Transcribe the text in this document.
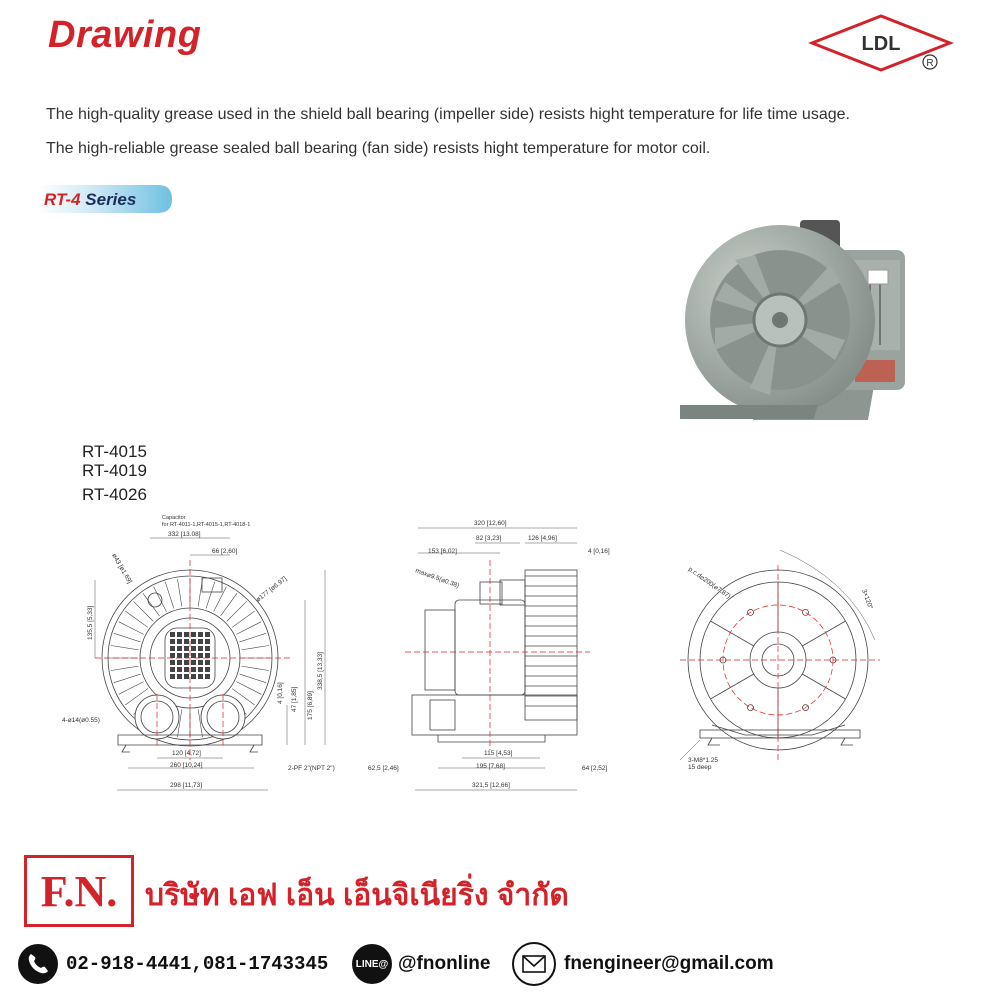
Drawing	LDL
R
The high-quality grease used in the shield ball bearing (impeller side) resists hight temperature for life time usage.
The high-reliable grease sealed ball bearing (fan side) resists hight temperature for motor coil.
RT-4 Series
RT-4015
RT-4019
RT-4026
Capacitor
for RT-4011-1,RT-4015-1,RT-4018-1
332 [13.08]
66 [2,60]
ø43 [ø1.69]
ø177 [ø6.97]
135,5 [5,33]
338,5 [13,33]
175 [6,89]
47 [1,85]
4 [0,16]
4-ø14(ø0.55)
120 [4,72]
260 [10,24]
298 [11,73]
2-PF 2"(NPT 2")
320 [12,60]
82 [3,23]	126 [4,96]
153 [6,02]	4 [0,16]
max⌀9.5(⌀0.38)
115 [4,53]
195 [7,68]
62,5 [2,46]	64 [2,52]
321,5 [12,66]
p.c.d⌀200(⌀7.87)	3×120°
3-M8*1.25
15 deep
F.N. บริษัท เอฟ เอ็น เอ็นจิเนียริ่ง จำกัด
02-918-4441,081-1743345	LINE@ @fnonline	fnengineer@gmail.com
